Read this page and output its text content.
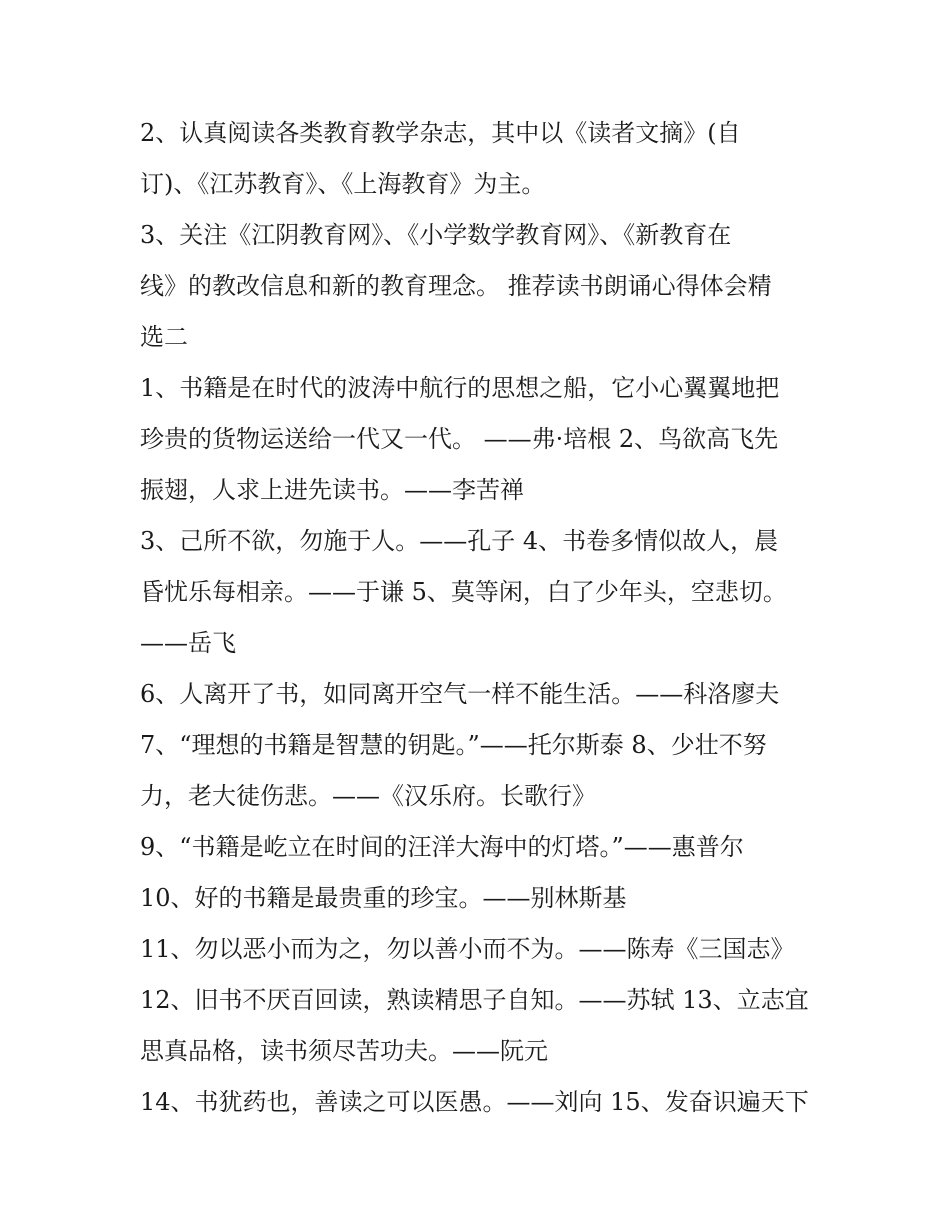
2、认真阅读各类教育教学杂志，其中以《读者文摘》(自
订)、《江苏教育》、《上海教育》为主。
3、关注《江阴教育网》、《小学数学教育网》、《新教育在
线》的教改信息和新的教育理念。 推荐读书朗诵心得体会精
选二
1、书籍是在时代的波涛中航行的思想之船，它小心翼翼地把
珍贵的货物运送给一代又一代。 ——弗·培根 2、鸟欲高飞先
振翅，人求上进先读书。——李苦禅
3、己所不欲，勿施于人。——孔子 4、书卷多情似故人，晨
昏忧乐每相亲。——于谦 5、莫等闲，白了少年头，空悲切。
——岳飞
6、人离开了书，如同离开空气一样不能生活。——科洛廖夫
7、“理想的书籍是智慧的钥匙。”——托尔斯泰 8、少壮不努
力，老大徒伤悲。——《汉乐府。长歌行》
9、“书籍是屹立在时间的汪洋大海中的灯塔。”——惠普尔
10、好的书籍是最贵重的珍宝。——别林斯基
11、勿以恶小而为之，勿以善小而不为。——陈寿《三国志》
12、旧书不厌百回读，熟读精思子自知。——苏轼 13、立志宜
思真品格，读书须尽苦功夫。——阮元
14、书犹药也，善读之可以医愚。——刘向 15、发奋识遍天下
